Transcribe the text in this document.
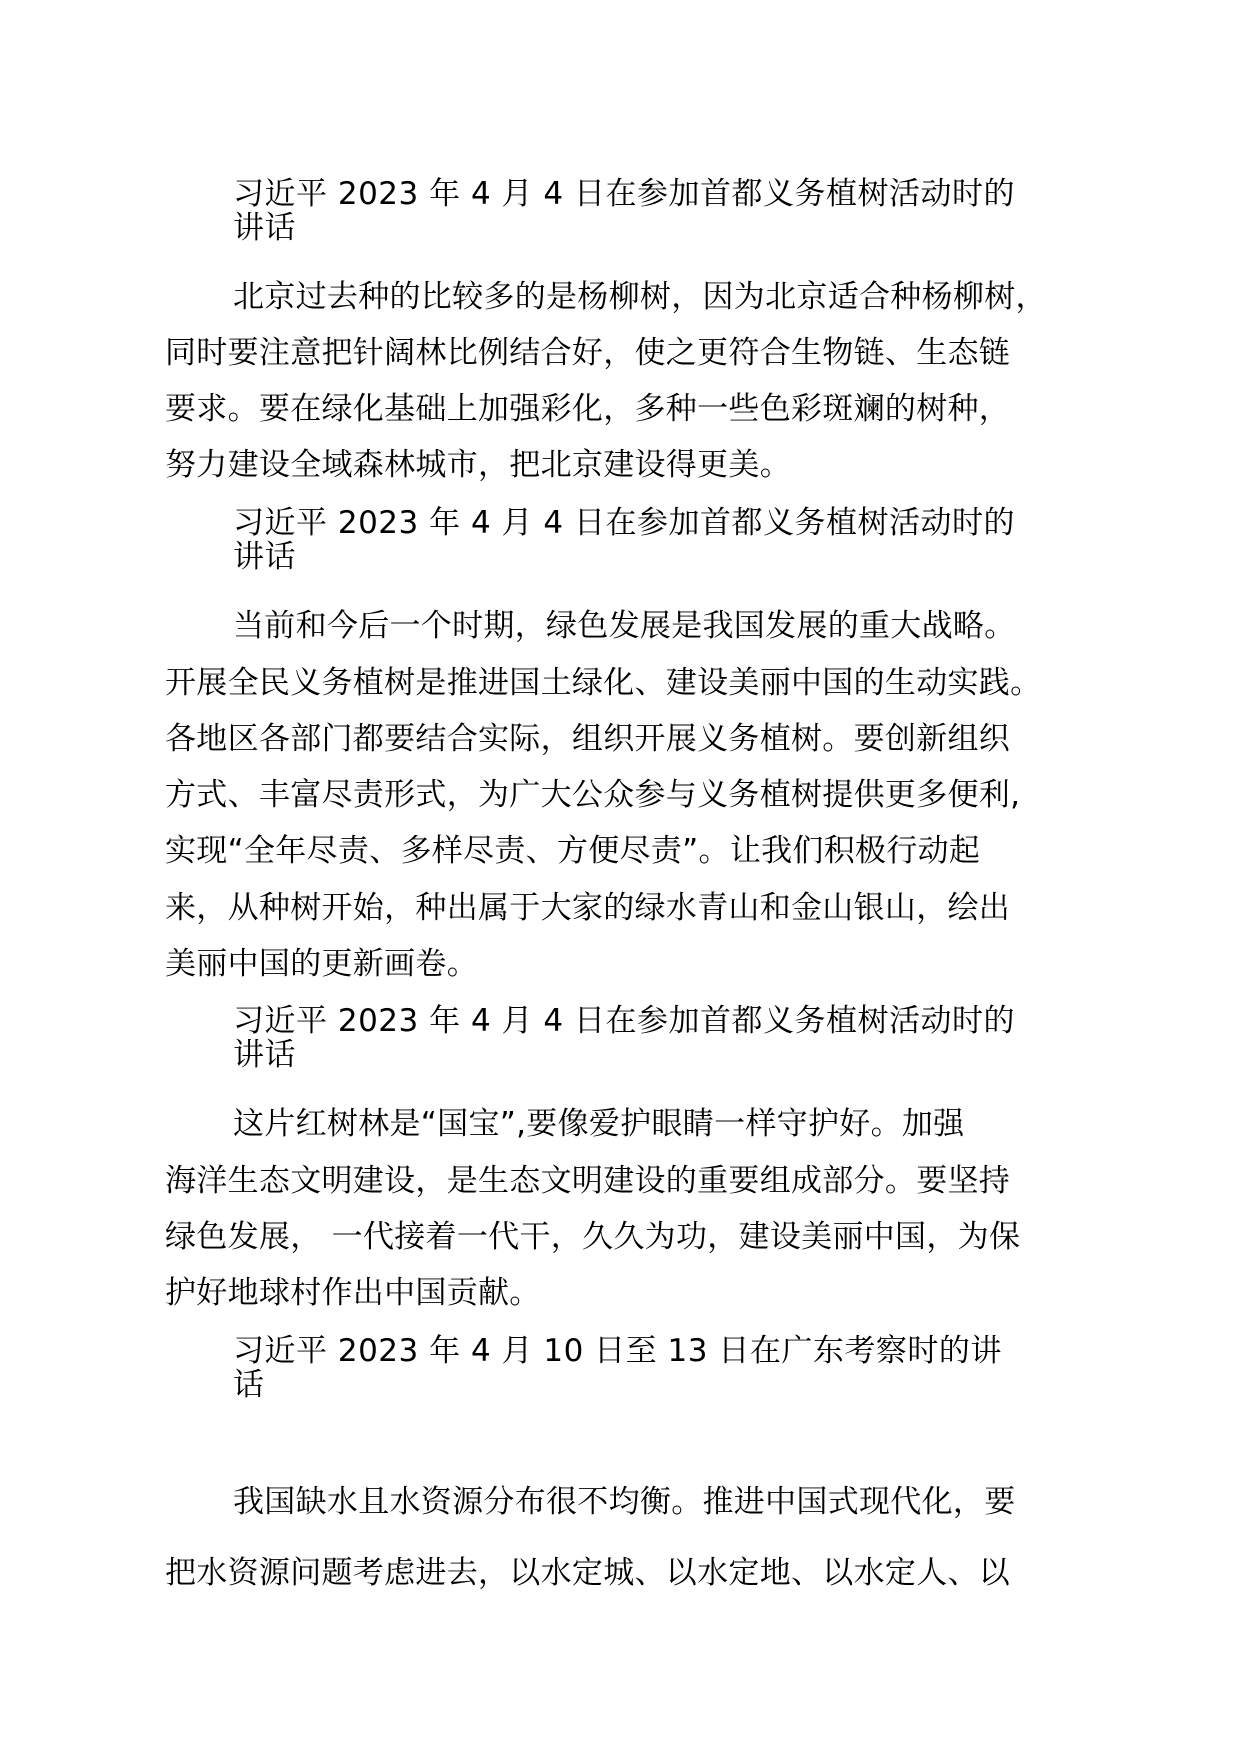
习近平 2023 年 4 月 4 日在参加首都义务植树活动时的

讲话

北京过去种的比较多的是杨柳树，因为北京适合种杨柳树，

同时要注意把针阔林比例结合好，使之更符合生物链、生态链

要求。要在绿化基础上加强彩化，多种一些色彩斑斓的树种，

努力建设全域森林城市，把北京建设得更美。

习近平 2023 年 4 月 4 日在参加首都义务植树活动时的

讲话

当前和今后一个时期，绿色发展是我国发展的重大战略。

开展全民义务植树是推进国土绿化、建设美丽中国的生动实践。

各地区各部门都要结合实际，组织开展义务植树。要创新组织

方式、丰富尽责形式，为广大公众参与义务植树提供更多便利,

实现“全年尽责、多样尽责、方便尽责”。让我们积极行动起

来，从种树开始，种出属于大家的绿水青山和金山银山，绘出

美丽中国的更新画卷。

习近平 2023 年 4 月 4 日在参加首都义务植树活动时的

讲话

这片红树林是“国宝”,要像爱护眼睛一样守护好。加强

海洋生态文明建设，是生态文明建设的重要组成部分。要坚持

绿色发展， 一代接着一代干，久久为功，建设美丽中国，为保

护好地球村作出中国贡献。

习近平 2023 年 4 月 10 日至 13 日在广东考察时的讲

话

我国缺水且水资源分布很不均衡。推进中国式现代化，要

把水资源问题考虑进去，以水定城、以水定地、以水定人、以
